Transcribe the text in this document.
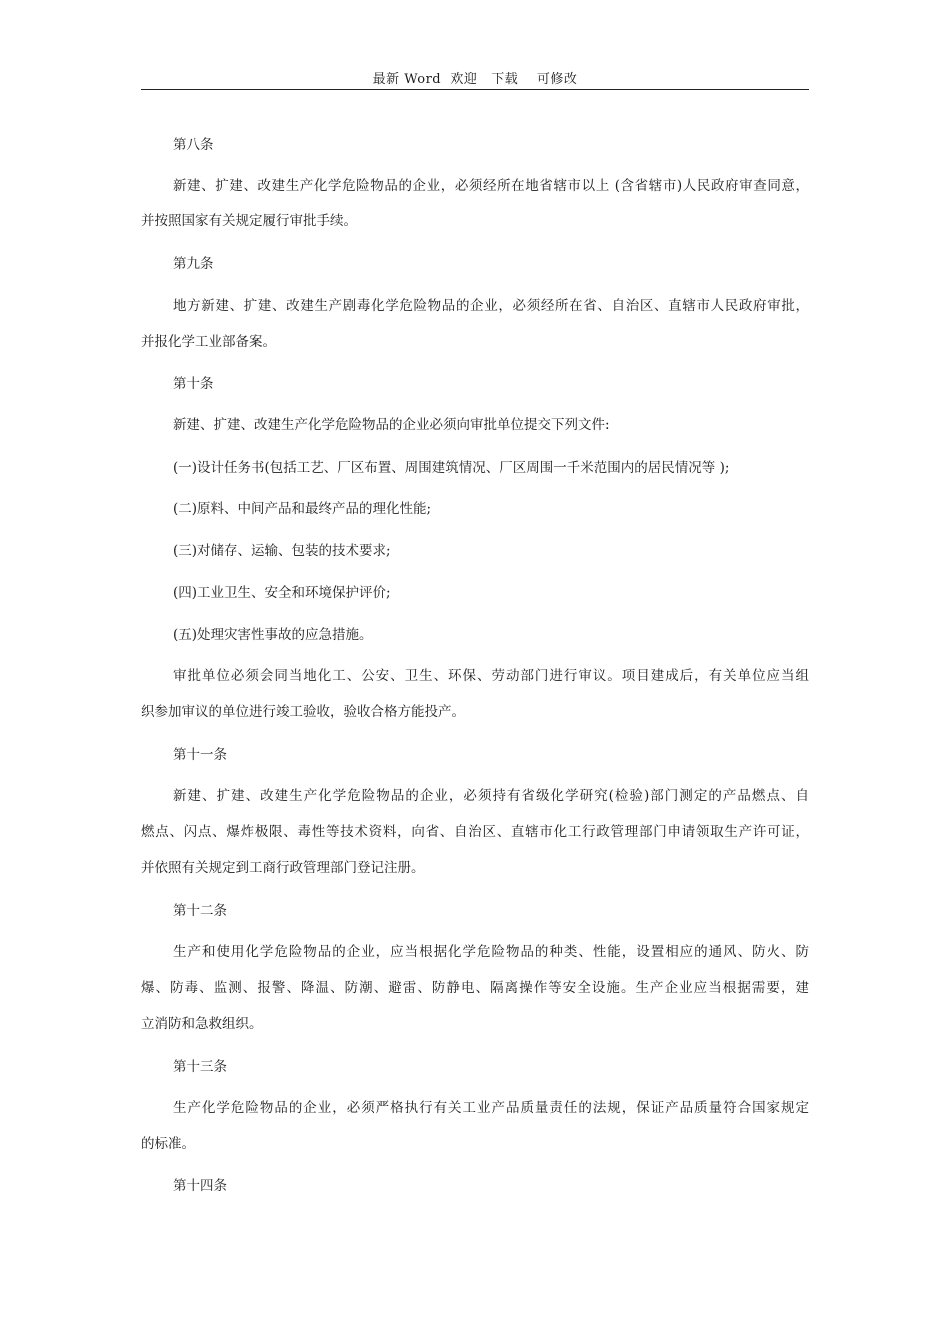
最新 Word  欢迎   下载    可修改
第八条
新建、扩建、改建生产化学危险物品的企业，必须经所在地省辖市以上 (含省辖市)人民政府审查同意，
并按照国家有关规定履行审批手续。
第九条
地方新建、扩建、改建生产剧毒化学危险物品的企业，必须经所在省、自治区、直辖市人民政府审批，
并报化学工业部备案。
第十条
新建、扩建、改建生产化学危险物品的企业必须向审批单位提交下列文件:
(一)设计任务书(包括工艺、厂区布置、周围建筑情况、厂区周围一千米范围内的居民情况等 );
(二)原料、中间产品和最终产品的理化性能;
(三)对储存、运输、包装的技术要求;
(四)工业卫生、安全和环境保护评价;
(五)处理灾害性事故的应急措施。
审批单位必须会同当地化工、公安、卫生、环保、劳动部门进行审议。项目建成后，有关单位应当组
织参加审议的单位进行竣工验收，验收合格方能投产。
第十一条
新建、扩建、改建生产化学危险物品的企业，必须持有省级化学研究(检验)部门测定的产品燃点、自
燃点、闪点、爆炸极限、毒性等技术资料，向省、自治区、直辖市化工行政管理部门申请领取生产许可证，
并依照有关规定到工商行政管理部门登记注册。
第十二条
生产和使用化学危险物品的企业，应当根据化学危险物品的种类、性能，设置相应的通风、防火、防
爆、防毒、监测、报警、降温、防潮、避雷、防静电、隔离操作等安全设施。生产企业应当根据需要，建
立消防和急救组织。
第十三条
生产化学危险物品的企业，必须严格执行有关工业产品质量责任的法规，保证产品质量符合国家规定
的标准。
第十四条
